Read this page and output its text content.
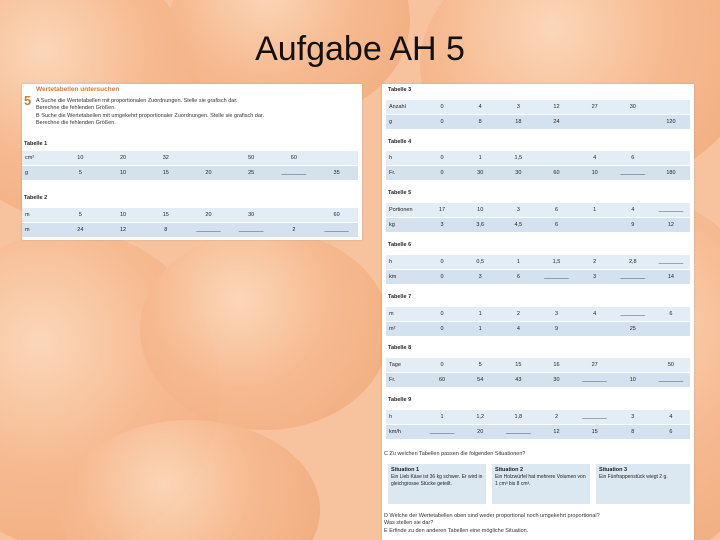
Aufgabe AH 5
Wertetabellen untersuchen
5 A Suche die Wertetabellen mit proportionalen Zuordnungen. Stelle sie grafisch dar.
Berechne die fehlenden Größen.
B Suche die Wertetabellen mit umgekehrt proportionaler Zuordnungen. Stelle sie grafisch dar.
Berechne die fehlenden Größen.
Tabelle 1
cm²	10	20	32		50	60	
g	5	10	15	20	25	________	35
Tabelle 2
m	5	10	15	20	30		60
m	24	12	8	________	________	2	________
Tabelle 3
Anzahl	0	4	3	12	27	30	
g	0	8	18	24			120
Tabelle 4
h	0	1	1,5		4	6	
Fr.	0	30	30	60	10	________	180
Tabelle 5
Portionen	17	10	3	6	1	4	________
kg	3	3,6	4,5	6		9	12
Tabelle 6
h	0	0,5	1	1,5	2	2,8	________
km	0	3	6	________	3	________	14
Tabelle 7
m	0	1	2	3	4	________	6
m²	0	1	4	9		25	
Tabelle 8
Tage	0	5	15	16	27		50
Fr.	60	54	43	30	________	10	________
Tabelle 9
h	1	1,2	1,8	2	________	3	4
km/h	________	20	________	12	15	8	6
C Zu welchen Tabellen passen die folgenden Situationen?
Situation 1
Ein Lieb Käse ist 36 kg schwer. Er wird in gleichgrosse Stücke geteilt.
Situation 2
Ein Holzwürfel hat mehrere Volumen von 1 cm³ bis 8 cm³.
Situation 3
Ein Fünfrappenstück wiegt 2 g.
D Welche der Wertetabellen oben sind weder proportional noch umgekehrt proportional?
Was stellen sie dar?
E Erfinde zu den anderen Tabellen eine mögliche Situation.
